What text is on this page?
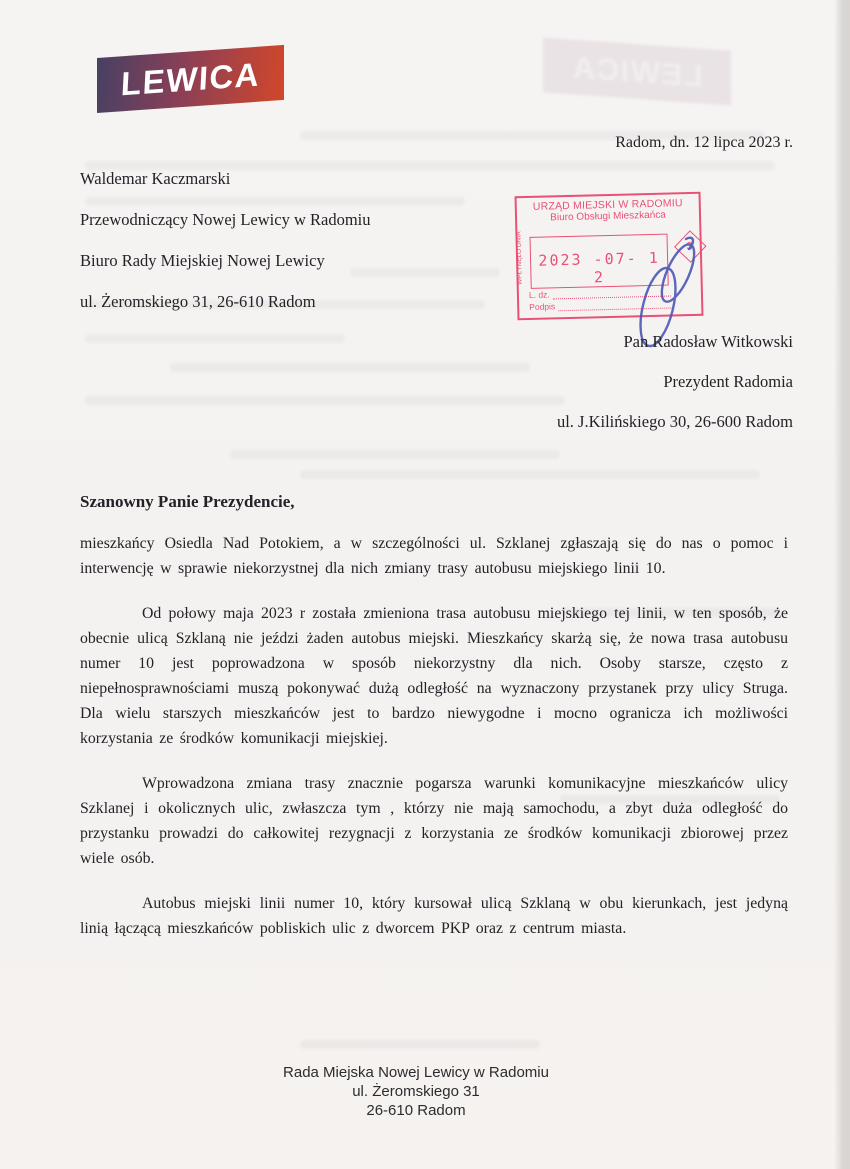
LEWICA
LEWICA
Radom, dn. 12 lipca 2023 r.
Waldemar Kaczmarski
Przewodniczący Nowej Lewicy w Radomiu
Biuro Rady Miejskiej Nowej Lewicy
ul. Żeromskiego 31, 26-610 Radom
URZĄD MIEJSKI W RADOMIU
Biuro Obsługi Mieszkańca
2023 -07- 1 2
WPŁYNĘŁO DNIA	3
L. dz.
Podpis
Pan Radosław Witkowski
Prezydent Radomia
ul. J.Kilińskiego 30, 26-600 Radom
Szanowny Panie Prezydencie,

mieszkańcy Osiedla Nad Potokiem, a w szczególności ul. Szklanej zgłaszają się do nas o pomoc i interwencję w sprawie niekorzystnej dla nich zmiany trasy autobusu miejskiego linii 10.

Od połowy maja 2023 r została zmieniona trasa autobusu miejskiego tej linii, w ten sposób, że obecnie ulicą Szklaną nie jeździ żaden autobus miejski. Mieszkańcy skarżą się, że nowa trasa autobusu numer 10 jest poprowadzona w sposób niekorzystny dla nich. Osoby starsze, często z niepełnosprawnościami muszą pokonywać dużą odległość na wyznaczony przystanek przy ulicy Struga. Dla wielu starszych mieszkańców jest to bardzo niewygodne i mocno ogranicza ich możliwości korzystania ze środków komunikacji miejskiej.

Wprowadzona zmiana trasy znacznie pogarsza warunki komunikacyjne mieszkańców ulicy Szklanej i okolicznych ulic, zwłaszcza tym , którzy nie mają samochodu, a zbyt duża odległość do przystanku prowadzi do całkowitej rezygnacji z korzystania ze środków komunikacji zbiorowej przez wiele osób.

Autobus miejski linii numer 10, który kursował ulicą Szklaną w obu kierunkach, jest jedyną linią łączącą mieszkańców pobliskich ulic z dworcem PKP oraz z centrum miasta.

Rada Miejska Nowej Lewicy w Radomiu
ul. Żeromskiego 31
26-610 Radom
